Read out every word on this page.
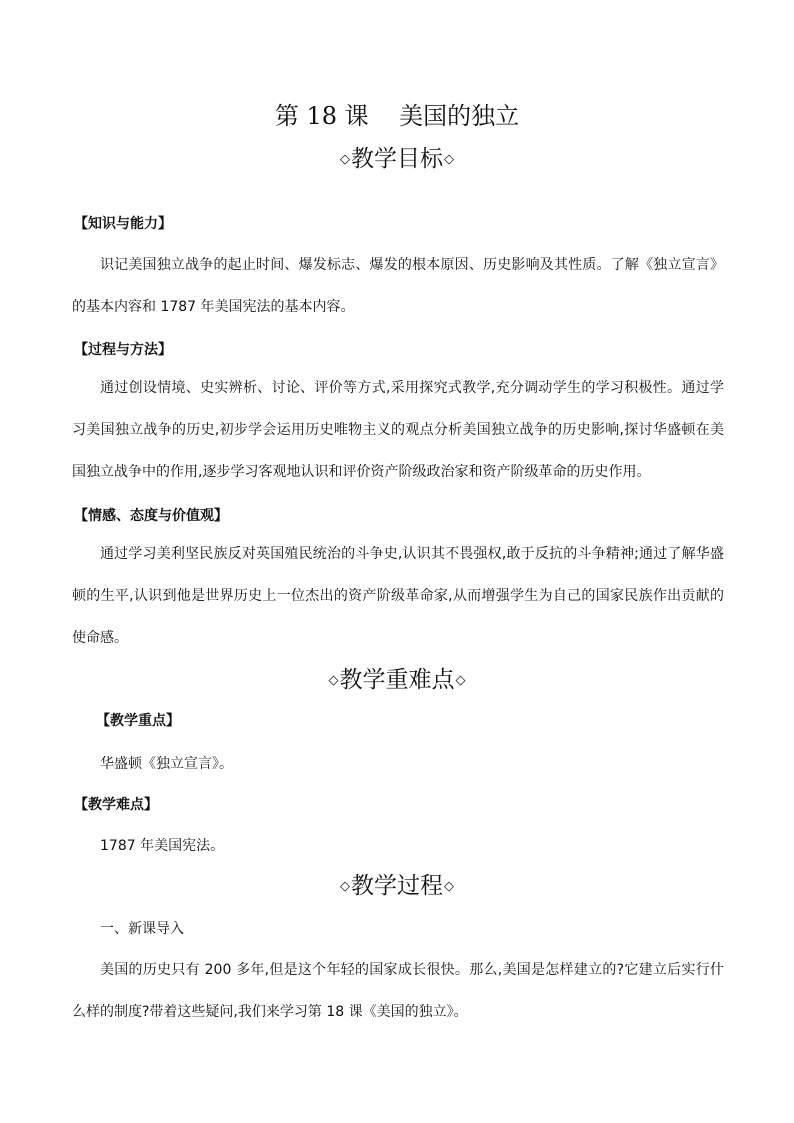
第 18 课    美国的独立
◇教学目标◇

【知识与能力】

识记美国独立战争的起止时间、爆发标志、爆发的根本原因、历史影响及其性质。了解《独立宣言》的基本内容和 1787 年美国宪法的基本内容。

【过程与方法】

通过创设情境、史实辨析、讨论、评价等方式,采用探究式教学,充分调动学生的学习积极性。通过学习美国独立战争的历史,初步学会运用历史唯物主义的观点分析美国独立战争的历史影响,探讨华盛顿在美国独立战争中的作用,逐步学习客观地认识和评价资产阶级政治家和资产阶级革命的历史作用。

【情感、态度与价值观】

通过学习美利坚民族反对英国殖民统治的斗争史,认识其不畏强权,敢于反抗的斗争精神;通过了解华盛顿的生平,认识到他是世界历史上一位杰出的资产阶级革命家,从而增强学生为自己的国家民族作出贡献的使命感。

◇教学重难点◇

【教学重点】

华盛顿《独立宣言》。

【教学难点】

1787 年美国宪法。

◇教学过程◇

一、新课导入

美国的历史只有 200 多年,但是这个年轻的国家成长很快。那么,美国是怎样建立的?它建立后实行什么样的制度?带着这些疑问,我们来学习第 18 课《美国的独立》。
